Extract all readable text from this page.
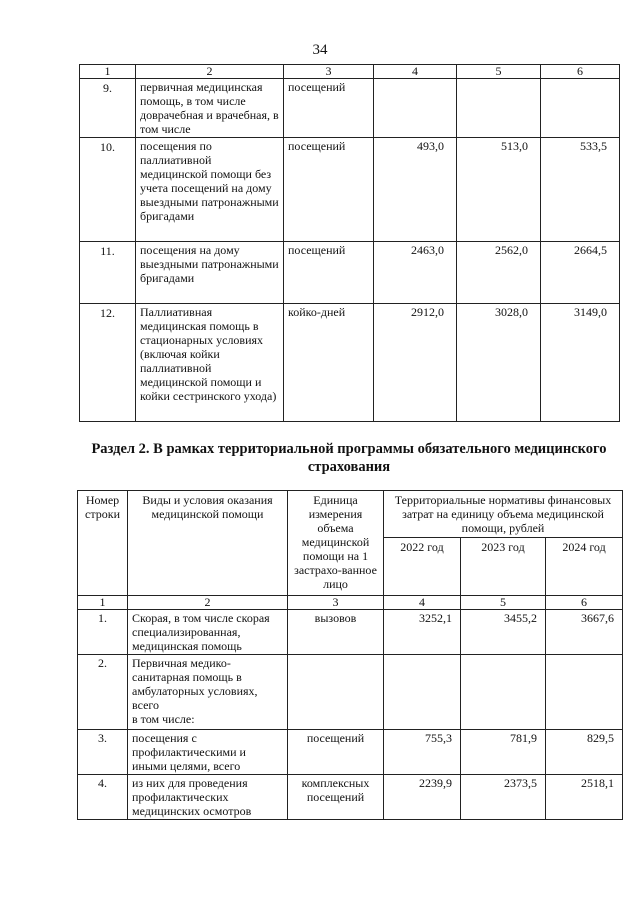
34
1	2	3	4	5	6
9.	первичная медицинская помощь, в том числе доврачебная и врачебная, в том числе	посещений			
10.	посещения по паллиативной медицинской помощи без учета посещений на дому выездными патронажными бригадами	посещений	493,0	513,0	533,5
11.	посещения на дому выездными патронажными бригадами	посещений	2463,0	2562,0	2664,5
12.	Паллиативная медицинская помощь в стационарных условиях (включая койки паллиативной медицинской помощи и койки сестринского ухода)	койко-дней	2912,0	3028,0	3149,0
Раздел 2. В рамках территориальной программы обязательного медицинского страхования
Номер строки	Виды и условия оказания медицинской помощи	Единица измерения объема медицинской помощи на 1 застрахо-ванное лицо	Территориальные нормативы финансовых затрат на единицу объема медицинской помощи, рублей		
			2022 год	2023 год	2024 год
1	2	3	4	5	6
1.	Скорая, в том числе скорая специализированная, медицинская помощь	вызовов	3252,1	3455,2	3667,6
2.	Первичная медико-санитарная помощь в амбулаторных условиях, всего
в том числе:				
3.	посещения с профилактическими и иными целями, всего	посещений	755,3	781,9	829,5
4.	из них для проведения профилактических медицинских осмотров	комплексных посещений	2239,9	2373,5	2518,1
